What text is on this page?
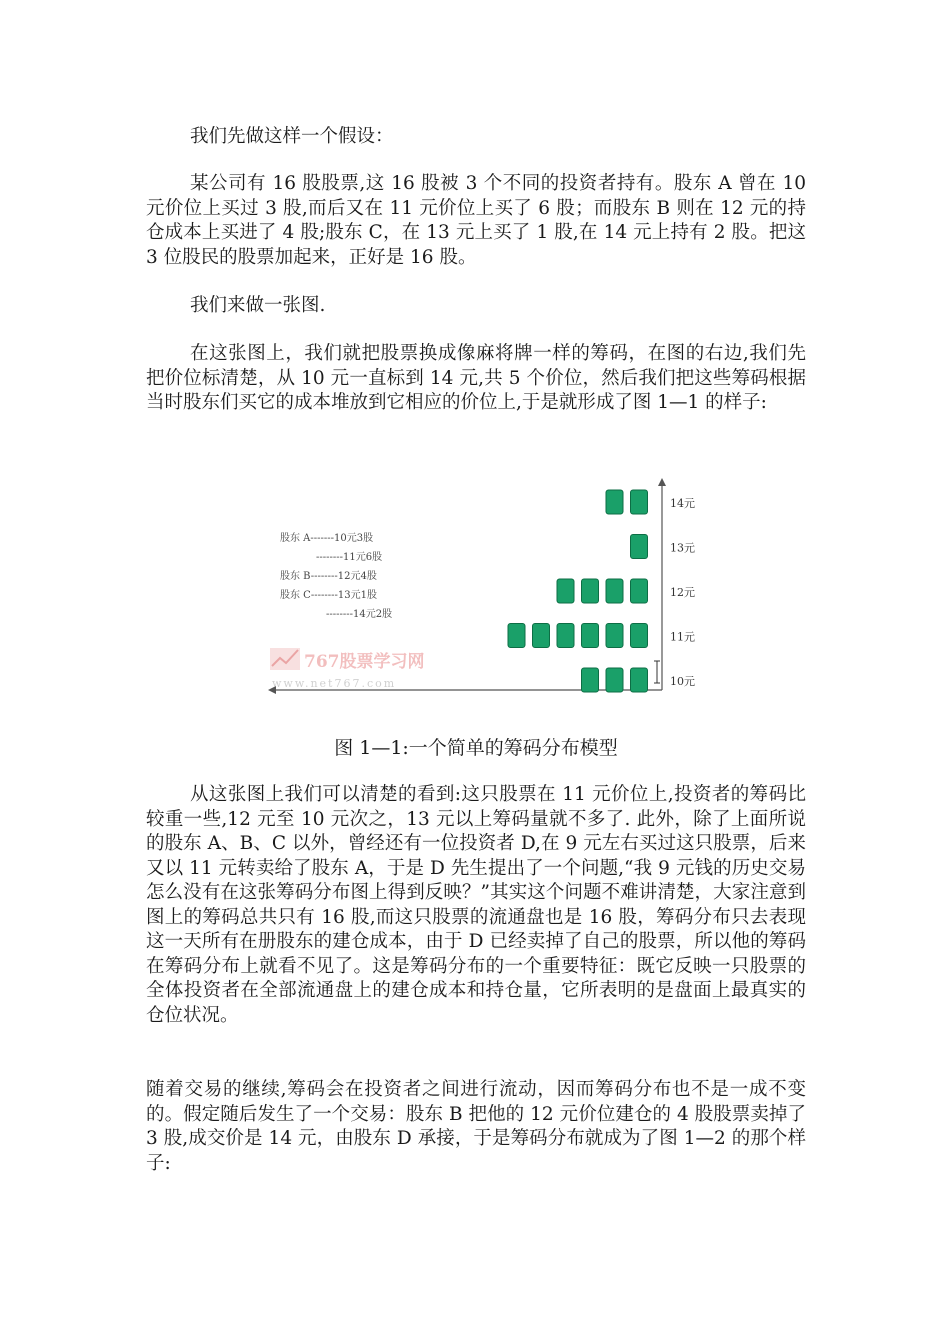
我们先做这样一个假设：

某公司有 16 股股票,这 16 股被 3 个不同的投资者持有。股东 A 曾在 10 元价位上买过 3 股,而后又在 11 元价位上买了 6 股；而股东 B 则在 12 元的持仓成本上买进了 4 股;股东 C，在 13 元上买了 1 股,在 14 元上持有 2 股。把这 3 位股民的股票加起来，正好是 16 股。

我们来做一张图.

在这张图上，我们就把股票换成像麻将牌一样的筹码，在图的右边,我们先把价位标清楚，从 10 元一直标到 14 元,共 5 个价位，然后我们把这些筹码根据当时股东们买它的成本堆放到它相应的价位上,于是就形成了图 1—1 的样子:

股东 A-------10元3股
--------11元6股
股东 B--------12元4股
股东 C--------13元1股
--------14元2股
767股票学习网
www.net767.com
14元
13元
12元
11元
10元
图 1—1:一个简单的筹码分布模型

从这张图上我们可以清楚的看到:这只股票在 11 元价位上,投资者的筹码比较重一些,12 元至 10 元次之，13 元以上筹码量就不多了. 此外，除了上面所说的股东 A、B、C 以外，曾经还有一位投资者 D,在 9 元左右买过这只股票，后来又以 11 元转卖给了股东 A，于是 D 先生提出了一个问题,“我 9 元钱的历史交易怎么没有在这张筹码分布图上得到反映？”其实这个问题不难讲清楚，大家注意到图上的筹码总共只有 16 股,而这只股票的流通盘也是 16 股，筹码分布只去表现这一天所有在册股东的建仓成本，由于 D 已经卖掉了自己的股票，所以他的筹码在筹码分布上就看不见了。这是筹码分布的一个重要特征：既它反映一只股票的全体投资者在全部流通盘上的建仓成本和持仓量，它所表明的是盘面上最真实的仓位状况。

随着交易的继续,筹码会在投资者之间进行流动，因而筹码分布也不是一成不变的。假定随后发生了一个交易：股东 B 把他的 12 元价位建仓的 4 股股票卖掉了 3 股,成交价是 14 元，由股东 D 承接，于是筹码分布就成为了图 1—2 的那个样子:
